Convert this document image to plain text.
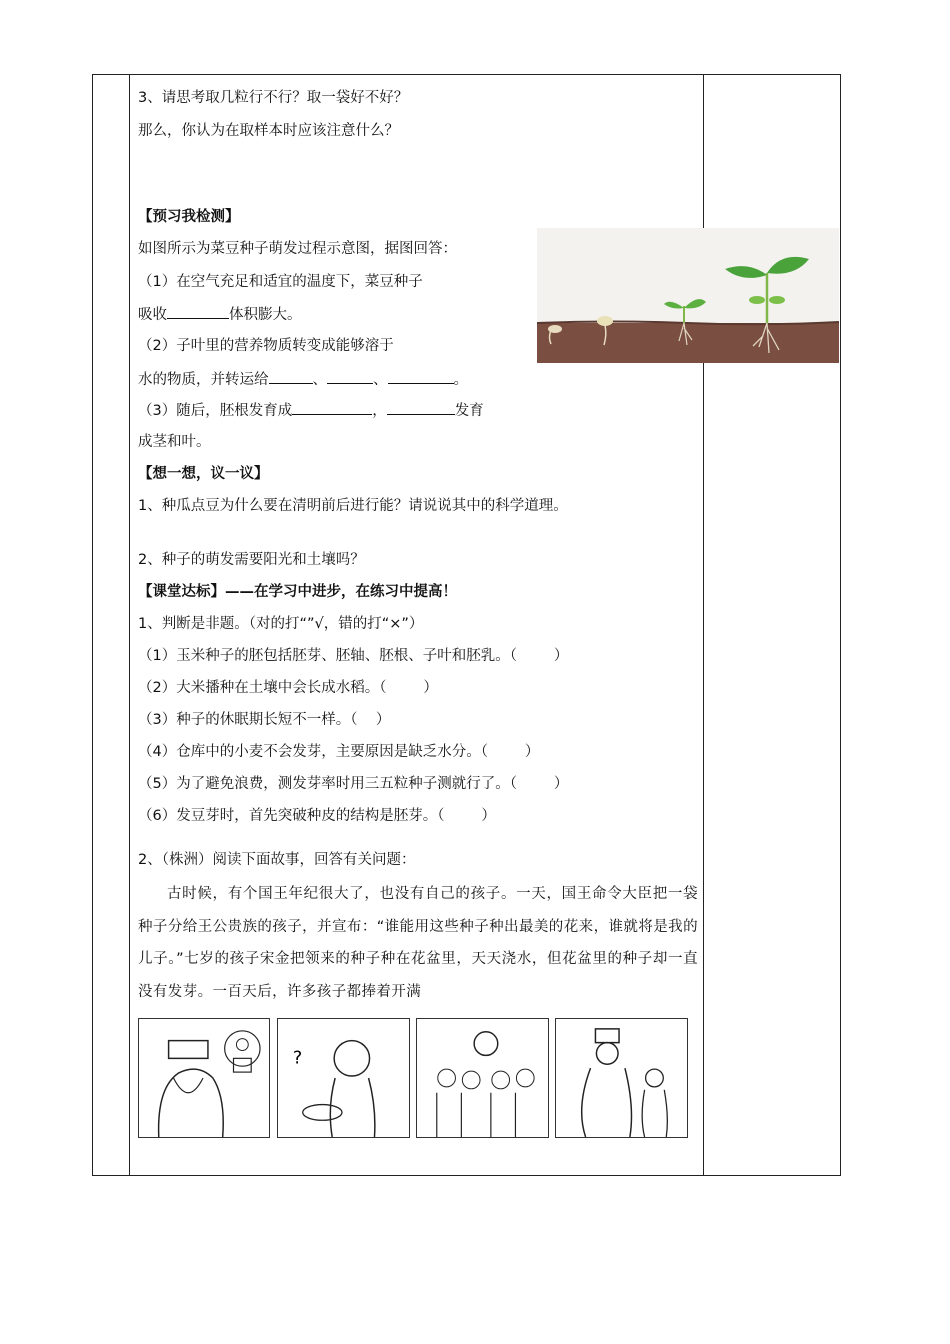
3、请思考取几粒行不行？取一袋好不好？
那么，你认为在取样本时应该注意什么？
【预习我检测】
如图所示为菜豆种子萌发过程示意图，据图回答：
（1）在空气充足和适宜的温度下，菜豆种子
吸收	体积膨大。
（2）子叶里的营养物质转变成能够溶于
水的物质，并转运给	、	、	。
（3）随后，胚根发育成	，	发育
成茎和叶。
【想一想，议一议】
1、种瓜点豆为什么要在清明前后进行能？请说说其中的科学道理。
2、种子的萌发需要阳光和土壤吗？
【课堂达标】——在学习中进步，在练习中提高！
1、判断是非题。（对的打“”√，错的打“×”）
（1）玉米种子的胚包括胚芽、胚轴、胚根、子叶和胚乳。（        ）
（2）大米播种在土壤中会长成水稻。（        ）
（3）种子的休眠期长短不一样。（    ）
（4）仓库中的小麦不会发芽，主要原因是缺乏水分。（        ）
（5）为了避免浪费，测发芽率时用三五粒种子测就行了。（        ）
（6）发豆芽时，首先突破种皮的结构是胚芽。（        ）
2、（株洲）阅读下面故事，回答有关问题：
古时候，有个国王年纪很大了，也没有自己的孩子。一天，国王命令大臣把一袋种子分给王公贵族的孩子，并宣布：“谁能用这些种子种出最美的花来，谁就将是我的儿子。”七岁的孩子宋金把领来的种子种在花盆里，天天浇水，但花盆里的种子却一直没有发芽。一百天后，许多孩子都捧着开满
?
